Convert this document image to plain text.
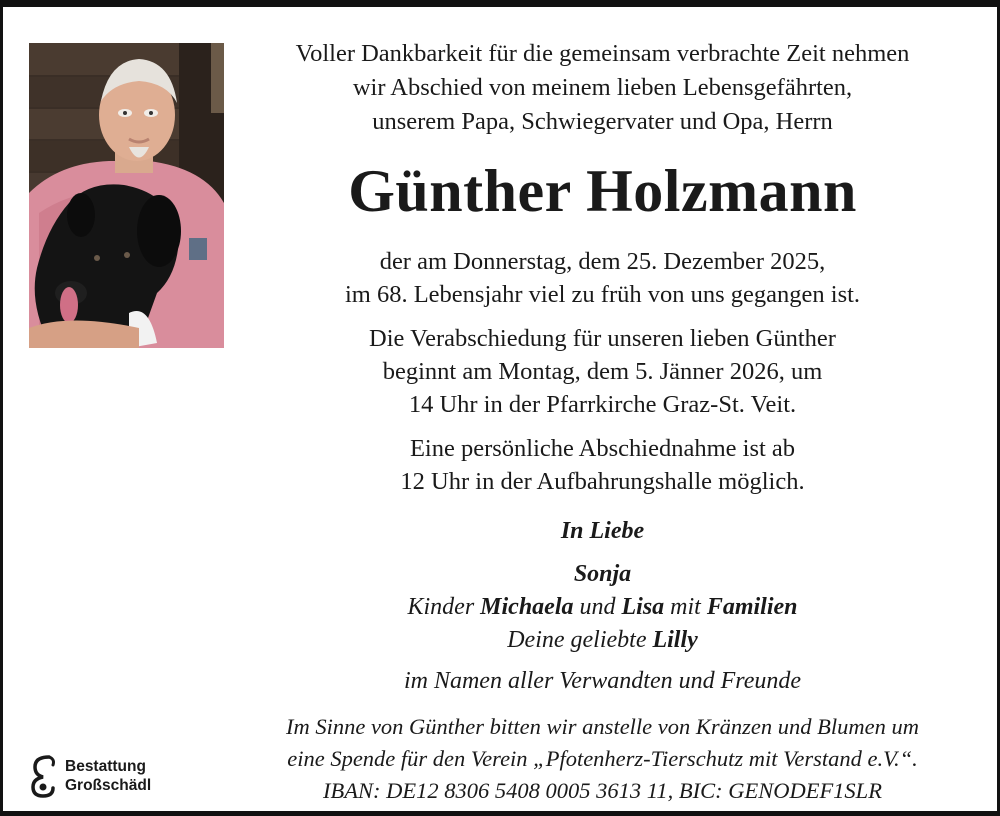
Voller Dankbarkeit für die gemeinsam verbrachte Zeit nehmen
wir Abschied von meinem lieben Lebensgefährten,
unserem Papa, Schwiegervater und Opa, Herrn
Günther Holzmann
der am Donnerstag, dem 25. Dezember 2025,
im 68. Lebensjahr viel zu früh von uns gegangen ist.
Die Verabschiedung für unseren lieben Günther
beginnt am Montag, dem 5. Jänner 2026, um
14 Uhr in der Pfarrkirche Graz-St. Veit.
Eine persönliche Abschiednahme ist ab
12 Uhr in der Aufbahrungshalle möglich.
In Liebe
Sonja
Kinder Michaela und Lisa mit Familien
Deine geliebte Lilly
im Namen aller Verwandten und Freunde
Im Sinne von Günther bitten wir anstelle von Kränzen und Blumen um
eine Spende für den Verein „Pfotenherz-Tierschutz mit Verstand e.V.“.
IBAN: DE12 8306 5408 0005 3613 11, BIC: GENODEF1SLR
Bestattung
Großschädl
